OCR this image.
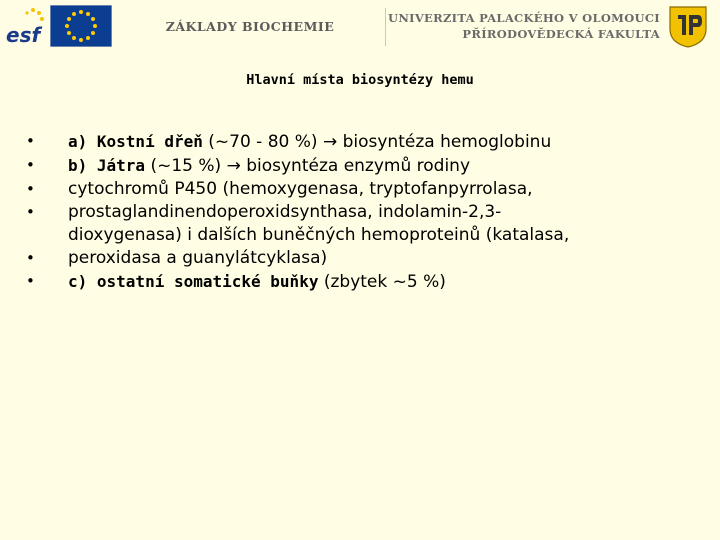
esf	ZÁKLADY BIOCHEMIE
UNIVERZITA PALACKÉHO V OLOMOUCI
PŘÍRODOVĚDECKÁ FAKULTA
Hlavní místa biosyntézy hemu
• a) Kostní dřeň (~70 - 80 %) → biosyntéza hemoglobinu
• b) Játra (~15 %) → biosyntéza enzymů rodiny
• cytochromů P450 (hemoxygenasa, tryptofanpyrrolasa,
• prostaglandinendoperoxidsynthasa, indolamin-2,3-
dioxygenasa) i dalších buněčných hemoproteinů (katalasa,
• peroxidasa a guanylátcyklasa)
• c) ostatní somatické buňky (zbytek ~5 %)
